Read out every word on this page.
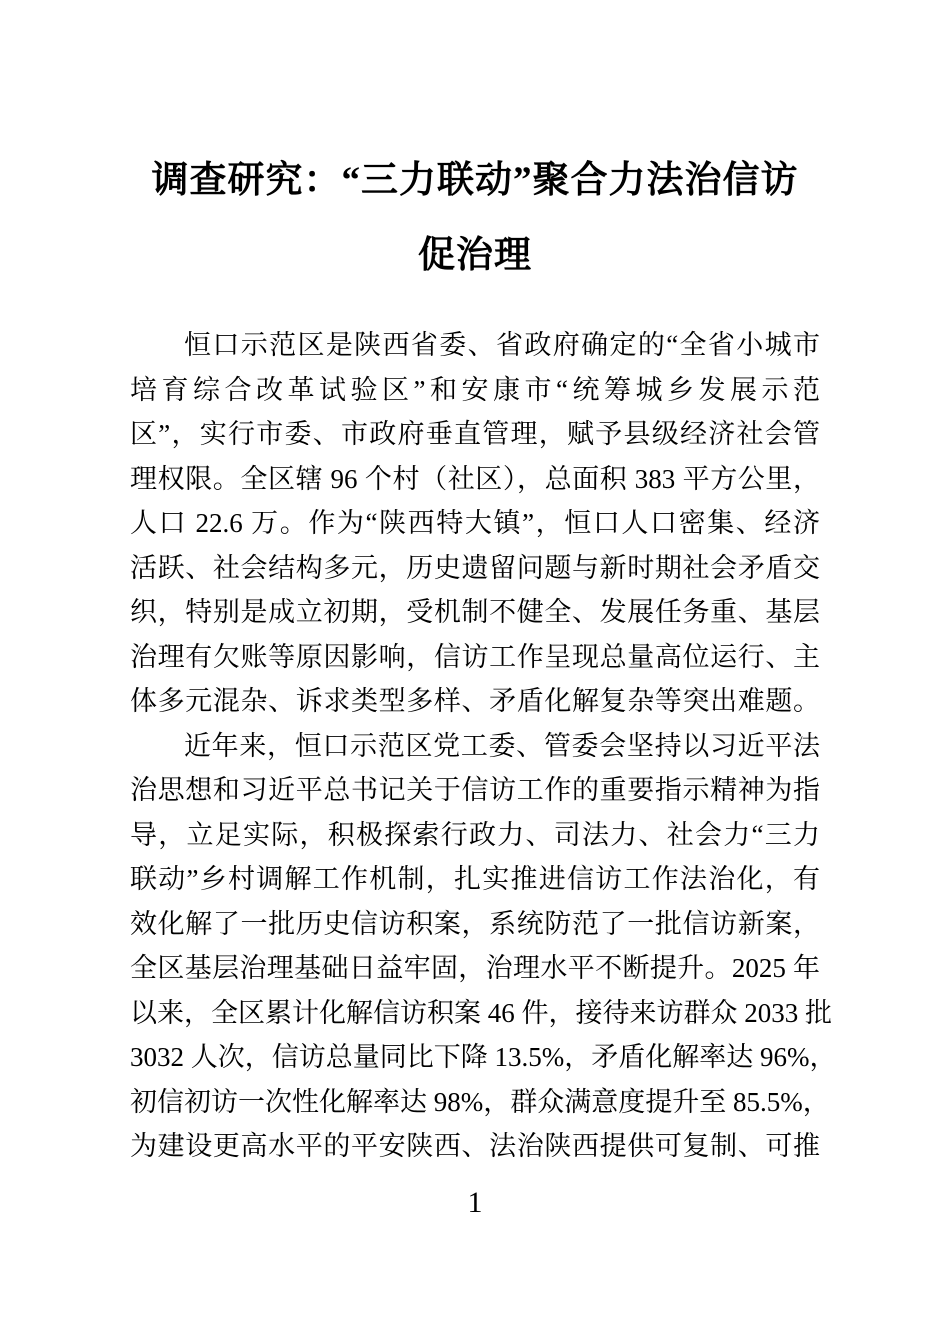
调查研究：“三力联动”聚合力法治信访
促治理
恒口示范区是陕西省委、省政府确定的“全省小城市
培育综合改革试验区”和安康市“统筹城乡发展示范
区”，实行市委、市政府垂直管理，赋予县级经济社会管
理权限。全区辖 96 个村（社区），总面积 383 平方公里，
人口 22.6 万。作为“陕西特大镇”，恒口人口密集、经济
活跃、社会结构多元，历史遗留问题与新时期社会矛盾交
织，特别是成立初期，受机制不健全、发展任务重、基层
治理有欠账等原因影响，信访工作呈现总量高位运行、主
体多元混杂、诉求类型多样、矛盾化解复杂等突出难题。
近年来，恒口示范区党工委、管委会坚持以习近平法
治思想和习近平总书记关于信访工作的重要指示精神为指
导，立足实际，积极探索行政力、司法力、社会力“三力
联动”乡村调解工作机制，扎实推进信访工作法治化，有
效化解了一批历史信访积案，系统防范了一批信访新案，
全区基层治理基础日益牢固，治理水平不断提升。2025 年
以来，全区累计化解信访积案 46 件，接待来访群众 2033 批
3032 人次，信访总量同比下降 13.5%，矛盾化解率达 96%，
初信初访一次性化解率达 98%，群众满意度提升至 85.5%，
为建设更高水平的平安陕西、法治陕西提供可复制、可推
1
